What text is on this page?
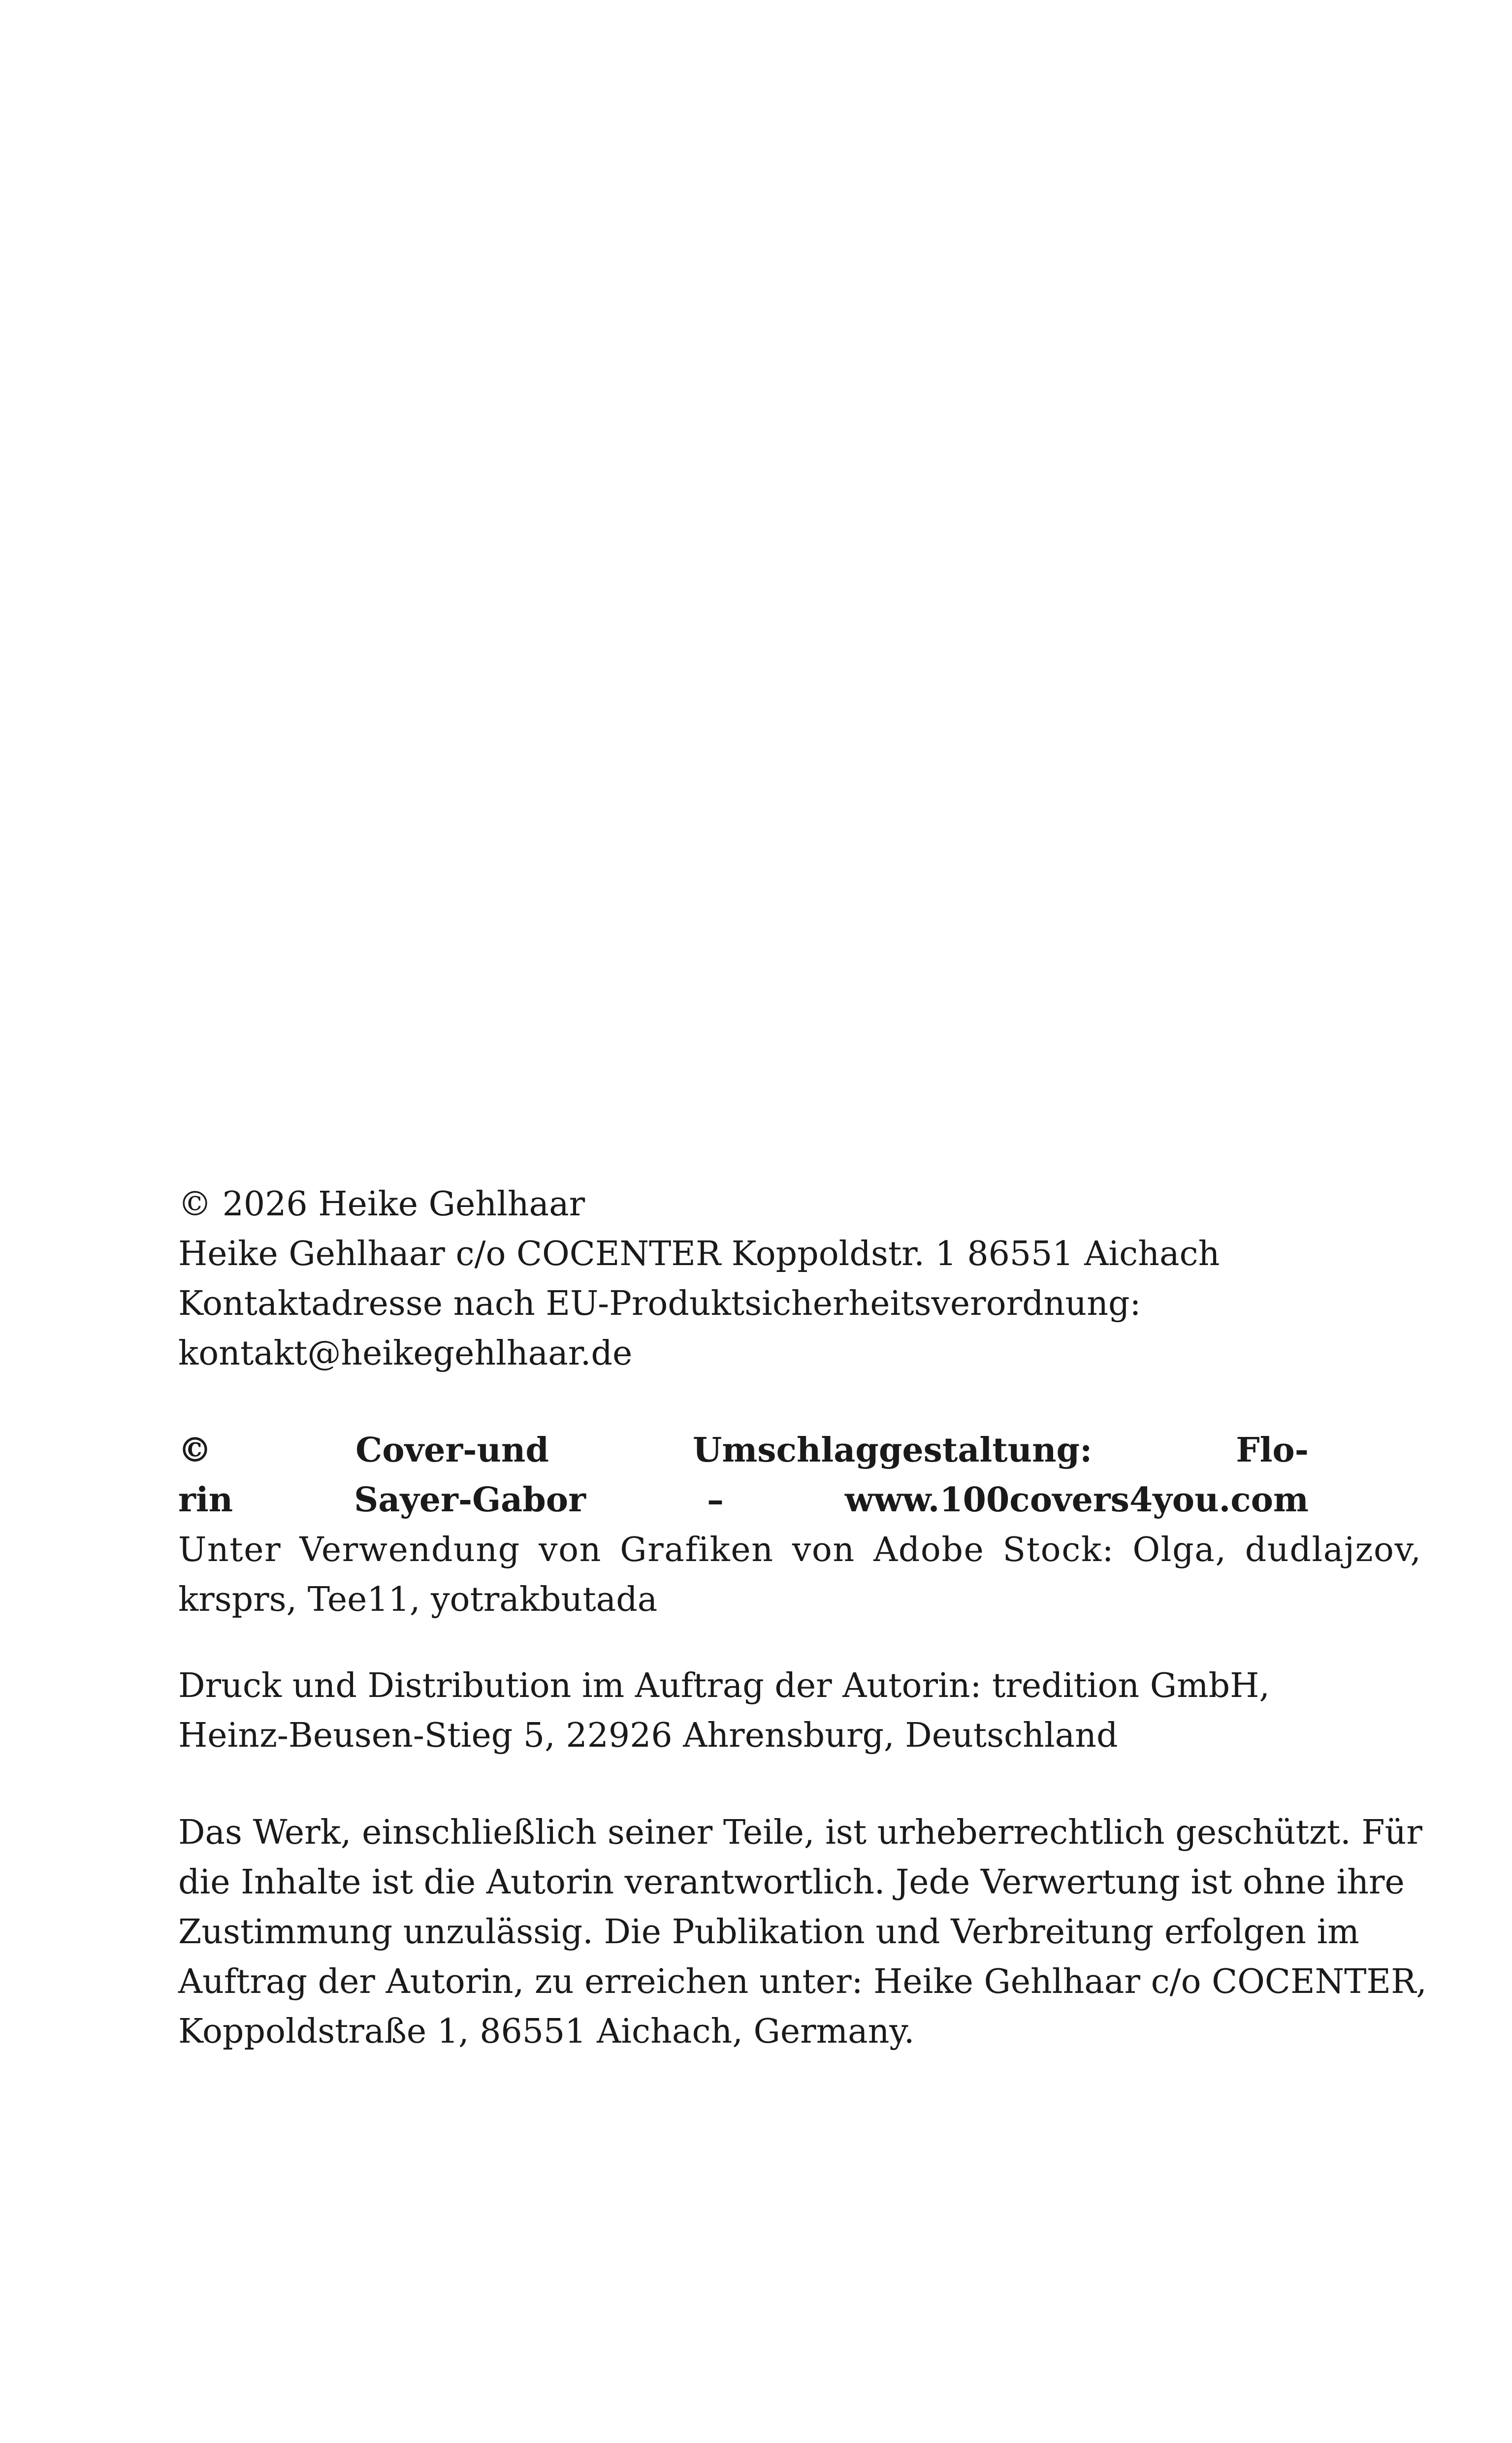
© 2026 Heike Gehlhaar
Heike Gehlhaar c/o COCENTER Koppoldstr. 1 86551 Aichach
Kontaktadresse nach EU-Produktsicherheitsverordnung:
kontakt@heikegehlhaar.de
©	Cover-und	Umschlaggestaltung:	Flo-
rin	Sayer-Gabor	–	www.100covers4you.com
Unter Verwendung von Grafiken von Adobe Stock: Olga, dudlajzov,
krsprs, Tee11, yotrakbutada
Druck und Distribution im Auftrag der Autorin: tredition GmbH,
Heinz-Beusen-Stieg 5, 22926 Ahrensburg, Deutschland
Das Werk, einschließlich seiner Teile, ist urheberrechtlich geschützt. Für
die Inhalte ist die Autorin verantwortlich. Jede Verwertung ist ohne ihre
Zustimmung unzulässig. Die Publikation und Verbreitung erfolgen im
Auftrag der Autorin, zu erreichen unter: Heike Gehlhaar c/o COCENTER,
Koppoldstraße 1, 86551 Aichach, Germany.
